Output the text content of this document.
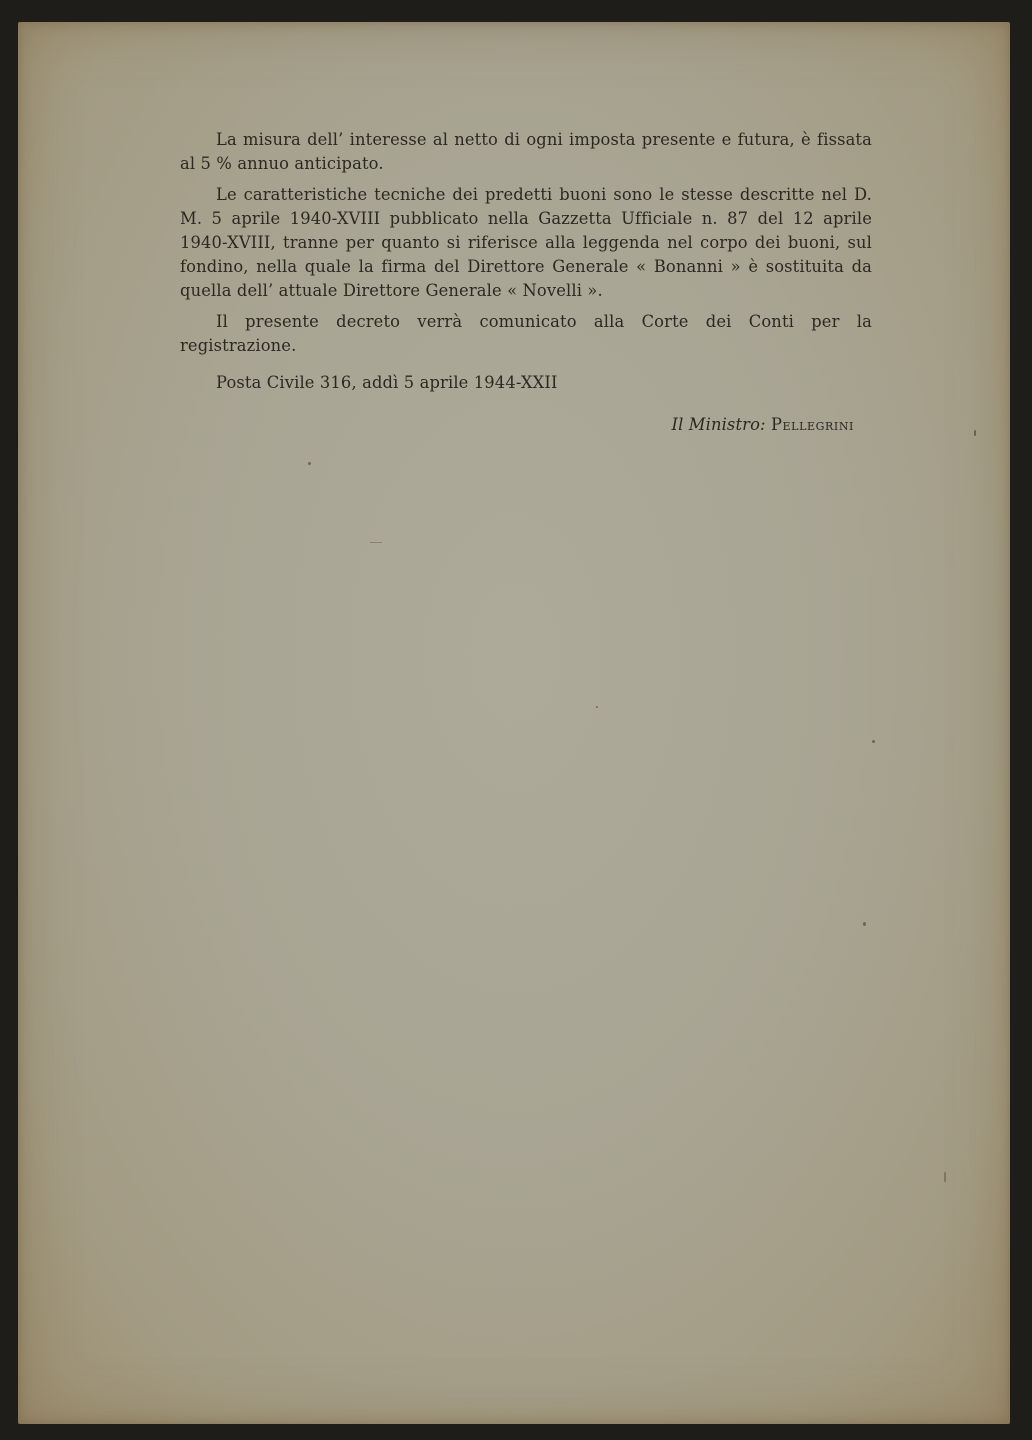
La misura dell’ interesse al netto di ogni imposta presente e futura, è fissata al 5 % annuo anticipato.

Le caratteristiche tecniche dei predetti buoni sono le stesse descritte nel D. M. 5 aprile 1940-XVIII pubblicato nella Gazzetta Ufficiale n. 87 del 12 aprile 1940-XVIII, tranne per quanto si riferisce alla leggenda nel corpo dei buoni, sul fondino, nella quale la firma del Direttore Generale « Bonanni » è sostituita da quella dell’ attuale Direttore Generale « Novelli ».

Il presente decreto verrà comunicato alla Corte dei Conti per la registrazione.

Posta Civile 316, addì 5 aprile 1944-XXII

Il Ministro: Pellegrini
